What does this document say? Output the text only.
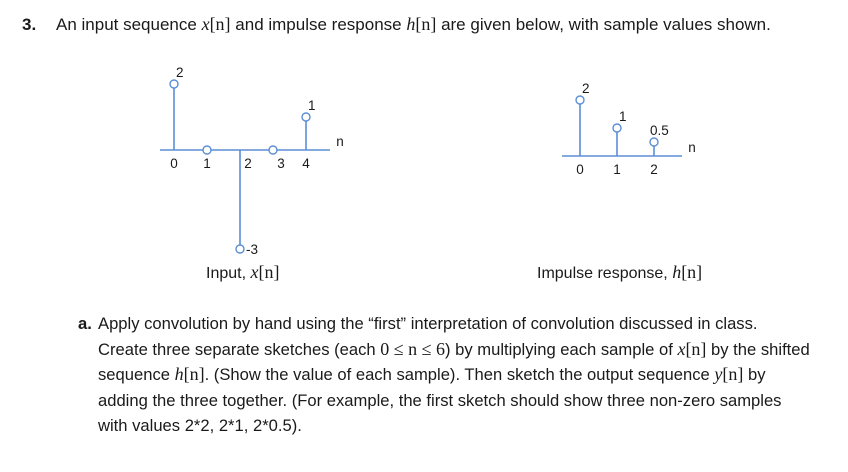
3. An input sequence x[n] and impulse response h[n] are given below, with sample values shown.
n
0 1 2 3 4
2
-3
1
n
0 1 2
2
1
0.5
Input, x[n]	Impulse response, h[n]
a. Apply convolution by hand using the “first” interpretation of convolution discussed in class. Create three separate sketches (each 0 ≤ n ≤ 6) by multiplying each sample of x[n] by the shifted sequence h[n]. (Show the value of each sample). Then sketch the output sequence y[n] by adding the three together. (For example, the first sketch should show three non-zero samples with values 2*2, 2*1, 2*0.5).
